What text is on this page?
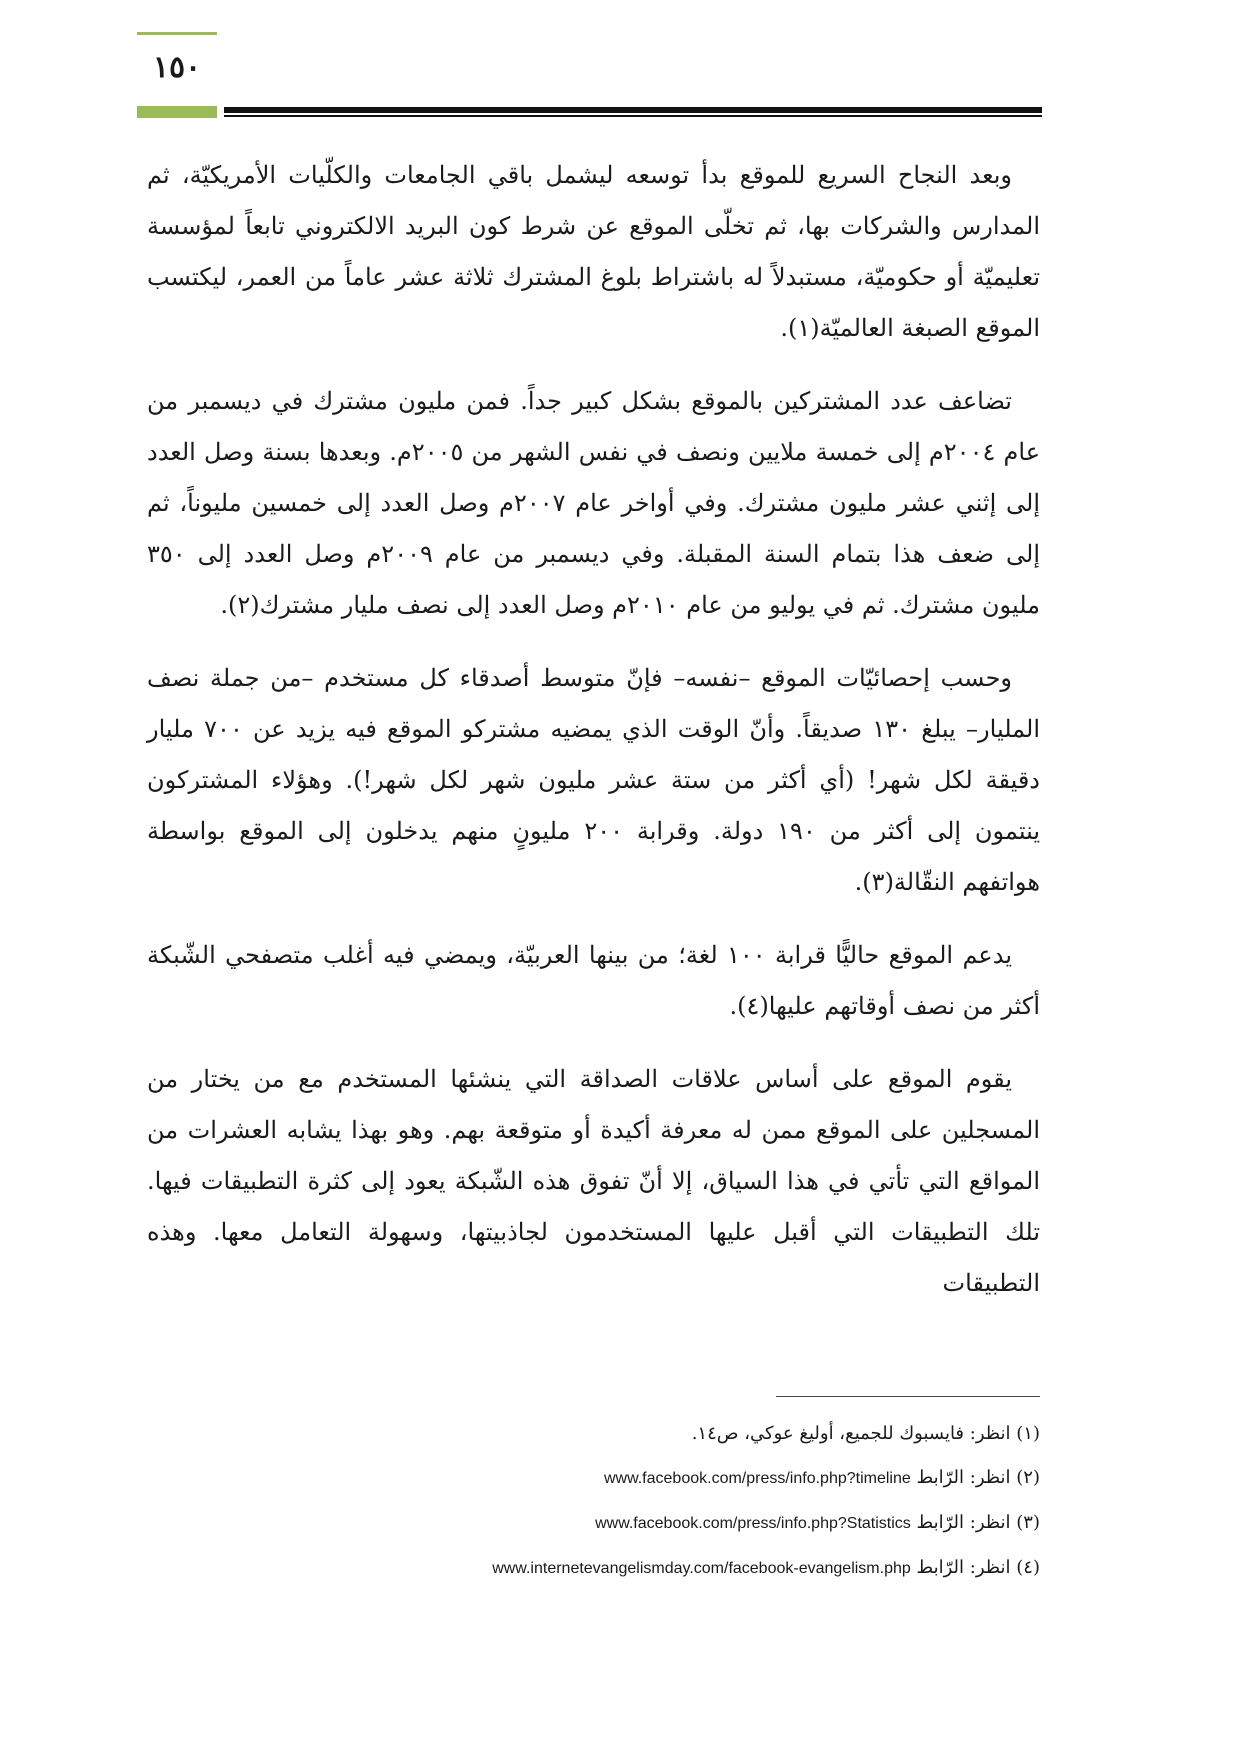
١٥٠

وبعد النجاح السريع للموقع بدأ توسعه ليشمل باقي الجامعات والكلّيات الأمريكيّة، ثم المدارس والشركات بها، ثم تخلّى الموقع عن شرط كون البريد الالكتروني تابعاً لمؤسسة تعليميّة أو حكوميّة، مستبدلاً له باشتراط بلوغ المشترك ثلاثة عشر عاماً من العمر، ليكتسب الموقع الصبغة العالميّة(١).

تضاعف عدد المشتركين بالموقع بشكل كبير جداً. فمن مليون مشترك في ديسمبر من عام ٢٠٠٤م إلى خمسة ملايين ونصف في نفس الشهر من ٢٠٠٥م. وبعدها بسنة وصل العدد إلى إثني عشر مليون مشترك. وفي أواخر عام ٢٠٠٧م وصل العدد إلى خمسين مليوناً، ثم إلى ضعف هذا بتمام السنة المقبلة. وفي ديسمبر من عام ٢٠٠٩م وصل العدد إلى ٣٥٠ مليون مشترك. ثم في يوليو من عام ٢٠١٠م وصل العدد إلى نصف مليار مشترك(٢).

وحسب إحصائيّات الموقع –نفسه– فإنّ متوسط أصدقاء كل مستخدم –من جملة نصف المليار– يبلغ ١٣٠ صديقاً. وأنّ الوقت الذي يمضيه مشتركو الموقع فيه يزيد عن ٧٠٠ مليار دقيقة لكل شهر! (أي أكثر من ستة عشر مليون شهر لكل شهر!). وهؤلاء المشتركون ينتمون إلى أكثر من ١٩٠ دولة. وقرابة ٢٠٠ مليونٍ منهم يدخلون إلى الموقع بواسطة هواتفهم النقّالة(٣).

يدعم الموقع حاليًّا قرابة ١٠٠ لغة؛ من بينها العربيّة، ويمضي فيه أغلب متصفحي الشّبكة أكثر من نصف أوقاتهم عليها(٤).

يقوم الموقع على أساس علاقات الصداقة التي ينشئها المستخدم مع من يختار من المسجلين على الموقع ممن له معرفة أكيدة أو متوقعة بهم. وهو بهذا يشابه العشرات من المواقع التي تأتي في هذا السياق، إلا أنّ تفوق هذه الشّبكة يعود إلى كثرة التطبيقات فيها. تلك التطبيقات التي أقبل عليها المستخدمون لجاذبيتها، وسهولة التعامل معها. وهذه التطبيقات

(١) انظر: فايسبوك للجميع، أوليغ عوكي، ص١٤.
(٢) انظر: الرّابط www.facebook.com/press/info.php?timeline
(٣) انظر: الرّابط www.facebook.com/press/info.php?Statistics
(٤) انظر: الرّابط www.internetevangelismday.com/facebook-evangelism.php
